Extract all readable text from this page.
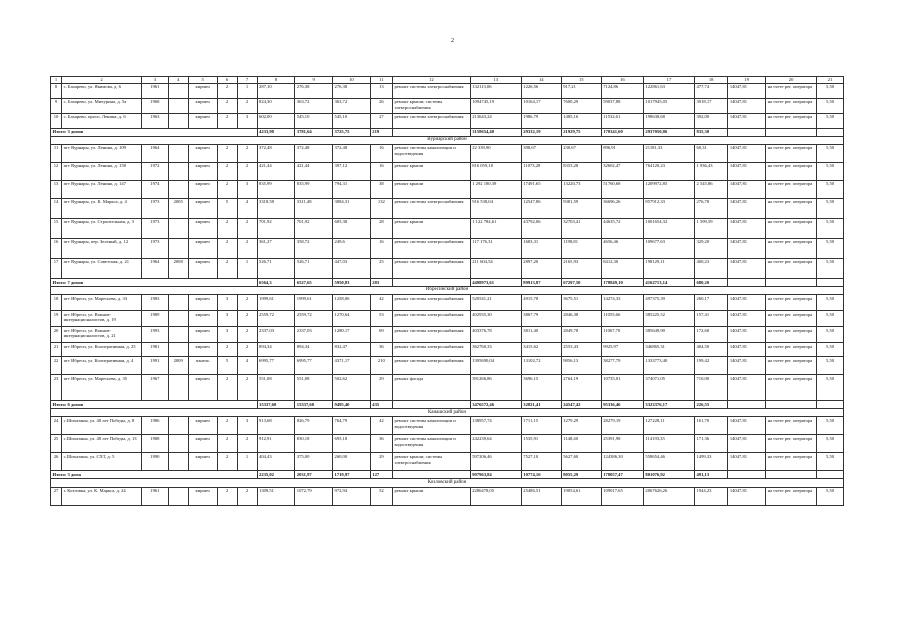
2
1	2	3	4	5	6	7	8	9	10	11	12	13	14	15	16	17	18	19	20	21
8	с. Бахарево, ул. Якимова, д. 6	1961		кирпич	2	1	287,10	276,38	276,38	13	ремонт системы электроснабжения	132113,06	1226,56	917,21	7124,86	122861,63	477,74	14047,81	на счете рег. оператора	5,50
9	с. Бахарево, ул. Мичурина, д. 5а	1968		кирпич	2	2	824,30	363,72	363,72	26	ремонт крыши; системы электроснабжения	1094745,19	10164,17	7600,29	59037,88	1017945,05	3918,17	14047,81	на счете рег. оператора	5,50
10	с. Бахарево, просп. Ленина, д. 6	1963		кирпич	2	3	602,00	545,10	545,10	27	ремонт системы электроснабжения	213643,24	1986,79	1485,16	11532,61	198638,68	392,00	14047,81	на счете рег. оператора	5,50
Итого: 3 домов							4233,98	3781,64	3725,75	219		3158654,40	29332,19	21929,75	170341,60	2937050,86	835,30			
Вурнарский район																				
11	пгт Вурнары, ул. Ленина, д. 109	1964		кирпич	2	2	372,48	372,48	372,48	16	ремонт системы канализации и водоотведения	22 339,90	398,67	230,67	896,91	21181,33	60,31	14047,81	на счете рег. оператора	5,50
12	пгт Вурнары, ул. Ленина, д. 158	1972		кирпич	2	2	421,44	421,44	397,12	16	ремонт крыши	816 059,18	11073,28	8353,28	32602,47	764120,23	1 936,43	14047,81	на счете рег. оператора	5,50
13	пгт Вурнары, ул. Ленина, д. 147	1974		кирпич	2	3	835,99	835,99	794,31	38	ремонт крыши	1 292 180,39	17491,65	13220,73	51760,68	1209972,85	2 545,86	14047,81	на счете рег. оператора	5,50
14	пгт Вурнары, ул. К. Маркса, д. 4	1973	2005	кирпич	5	4	3318,58	3311,48	3084,31	132	ремонт системы электроснабжения	916 538,04	12547,86	9381,59	36696,26	857912,33	276,78	14047,81	на счете рег. оператора	5,50
15	пгт Вурнары, ул. Строительная, д. 3	1973		кирпич	2	2	701,92	701,92	605,38	28	ремонт крыши	1 122 784,61	43792,06	32703,41	44635,72	1001654,32	1 599,59	14047,81	на счете рег. оператора	5,50
16	пгт Вурнары, пер. Зеленый, д. 12	1973		кирпич	2	2	361,27	358,72	249,6	16	ремонт системы электроснабжения	117 176,31	1683,31	1198,81	4656,46	109677,63	329,20	14047,81	на счете рег. оператора	5,50
17	пгт Вурнары, ул. Советская, д. 21	1964	2008	кирпич	2	1	526,71	526,71	447,03	25	ремонт системы электроснабжения	211 604,54	2897,20	2165,93	8412,30	198129,11	400,23	14047,81	на счете рег. оператора	5,50
Итого: 7 домов							6564,3	6527,65	5950,83	283		4498973,61	89913,87	67297,50	178849,10	4162713,14	680,20			
Ибресинский район																				
18	пгт Ибреси, ул. Маресьева, д. 33	1983		кирпич	3	2	1999,61	1999,61	1258,06	42	ремонт системы электроснабжения	520541,21	4915,78	3675,51	14274,33	497375,39	260,17	14047,81	на счете рег. оператора	5,50
19	пгт Ибреси, ул. Воинов-интернационалистов, д. 19	1989		кирпич	3	2	2559,72	2559,72	1270,64	53	ремонт системы электроснабжения	402935,30	3867,79	2846,38	11055,66	385225,52	157,41	14047,81	на счете рег. оператора	5,50
20	пгт Ибреси, ул. Воинов-интернационалистов, д. 21	1993		кирпич	3	2	2337,03	2337,03	1280,17	69	ремонт системы электроснабжения	403376,78	3811,40	2849,78	11067,70	385649,90	172,60	14047,81	на счете рег. оператора	5,50
21	пгт Ибреси, ул. Кооперативная, д. 25	1981		кирпич	2	2	894,34	894,34	832,47	36	ремонт системы электроснабжения	362760,33	3415,62	2553,43	9925,97	346865,31	404,50	14047,81	на счете рег. оператора	5,50
22	пгт Ибреси, ул. Кооперативная, д. 4	1991	2009	панель	5	4	6995,77	6995,77	4371,17	210	ремонт системы электроснабжения	1395690,04	13102,72	9856,13	38277,79	1333773,40	199,42	14047,81	на счете рег. оператора	5,50
23	пгт Ибреси, ул. Маресьева, д. 35	1967		кирпич	2	2	551,08	551,08	502,62	29	ремонт фасада	391266,86	3696,15	2764,19	10735,01	374071,05	710,00	14047,81	на счете рег. оператора	5,50
Итого: 6 домов							15337,60	15337,60	9495,40	435		3476572,46	32821,41	24547,42	95336,46	3323376,17	226,55			
Канашский район																				
24	с.Шихазаны, ул. 40 лет Победы, д. 8	1986		кирпич	2	3	913,68	826,79	764,79	42	ремонт системы канализации и водоотведения	138957,74	1711,15	1279,29	28279,19	127228,11	161,70	14047,81	на счете рег. оператора	5,50
25	с.Шихазаны, ул. 40 лет Победы, д. 13	1988		кирпич	2	2	912,91	830,18	695,18	36	ремонт системы канализации и водоотведения	242239,64	1535,91	1148,40	25391,98	114193,35	171,36	14047,81	на счете рег. оператора	5,50
26	с.Шихазаны, ул. СХТ, д. 5	1990		кирпич	2	1	404,43	375,00	260,00	29	ремонт крыши; системы электроснабжения	597206,46	7527,10	5627,60	124386,30	558654,46	1499,33	14047,81	на счете рег. оператора	5,50
Итого: 3 дома							2235,02	2031,97	1719,97	127		997963,84	10774,16	8055,29	178057,47	801076,92	491,13			
Козловский район																				
27	г. Козловка, ул. К. Маркса, д. 24	1961		кирпич	2	2	1309,51	1072,79	972,94	52	ремонт крыши	2286478,05	25486,51	19054,61	109017,65	2067626,26	1944,23	14047,81	на счете рег. оператора	5,50
